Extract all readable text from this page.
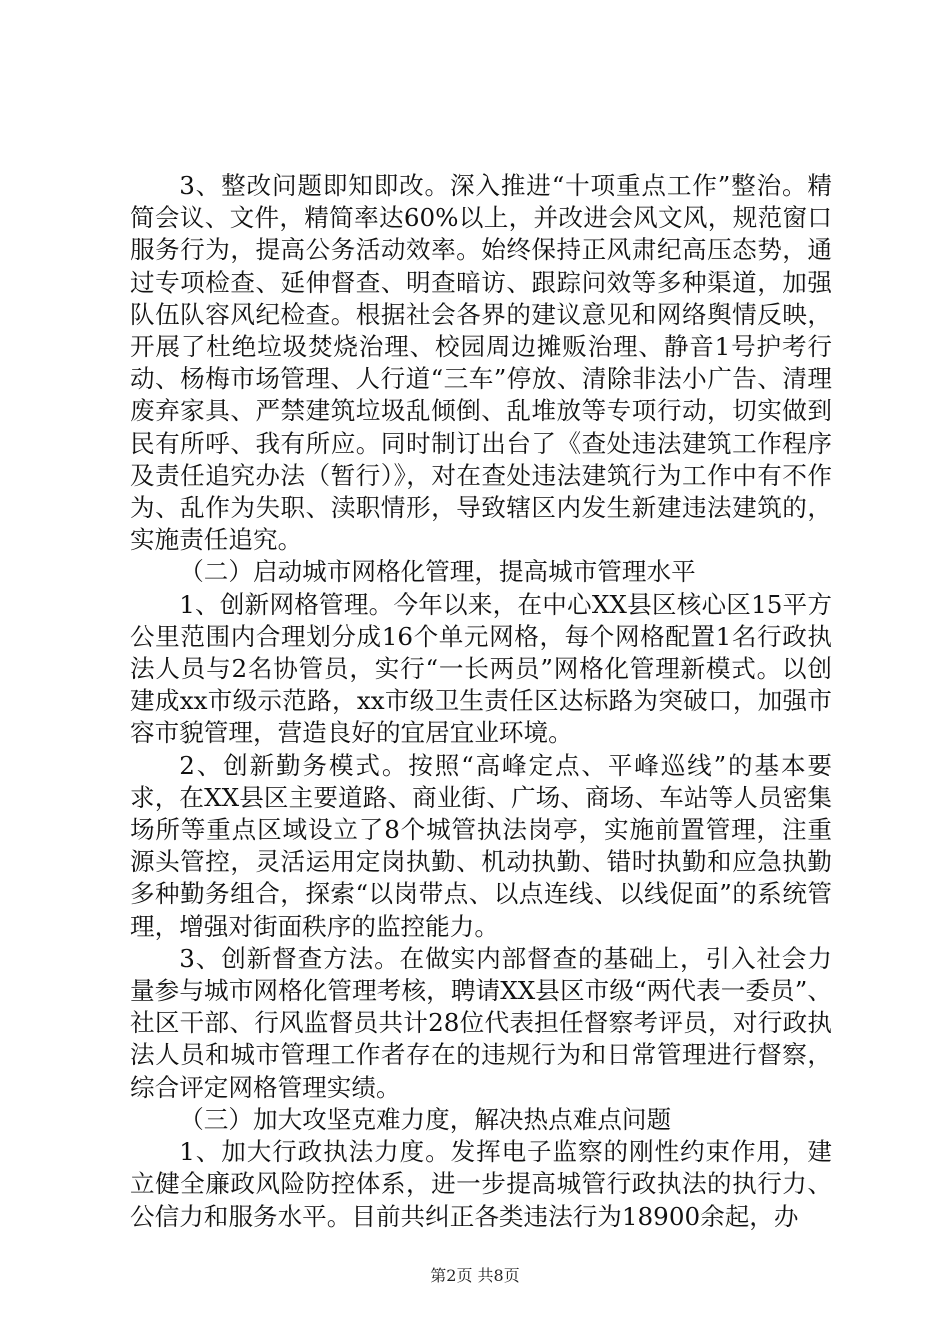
3、整改问题即知即改。深入推进“十项重点工作”整治。精简会议、文件，精简率达60%以上，并改进会风文风，规范窗口服务行为，提高公务活动效率。始终保持正风肃纪高压态势，通过专项检查、延伸督查、明查暗访、跟踪问效等多种渠道，加强队伍队容风纪检查。根据社会各界的建议意见和网络舆情反映，开展了杜绝垃圾焚烧治理、校园周边摊贩治理、静音1号护考行动、杨梅市场管理、人行道“三车”停放、清除非法小广告、清理废弃家具、严禁建筑垃圾乱倾倒、乱堆放等专项行动，切实做到民有所呼、我有所应。同时制订出台了《查处违法建筑工作程序及责任追究办法（暂行）》，对在查处违法建筑行为工作中有不作为、乱作为失职、渎职情形，导致辖区内发生新建违法建筑的，实施责任追究。

（二）启动城市网格化管理，提高城市管理水平

1、创新网格管理。今年以来，在中心XX县区核心区15平方公里范围内合理划分成16个单元网格，每个网格配置1名行政执法人员与2名协管员，实行“一长两员”网格化管理新模式。以创建成xx市级示范路，xx市级卫生责任区达标路为突破口，加强市容市貌管理，营造良好的宜居宜业环境。

2、创新勤务模式。按照“高峰定点、平峰巡线”的基本要求，在XX县区主要道路、商业街、广场、商场、车站等人员密集场所等重点区域设立了8个城管执法岗亭，实施前置管理，注重源头管控，灵活运用定岗执勤、机动执勤、错时执勤和应急执勤多种勤务组合，探索“以岗带点、以点连线、以线促面”的系统管理，增强对街面秩序的监控能力。

3、创新督查方法。在做实内部督查的基础上，引入社会力量参与城市网格化管理考核，聘请XX县区市级“两代表一委员”、社区干部、行风监督员共计28位代表担任督察考评员，对行政执法人员和城市管理工作者存在的违规行为和日常管理进行督察，综合评定网格管理实绩。

（三）加大攻坚克难力度，解决热点难点问题

1、加大行政执法力度。发挥电子监察的刚性约束作用，建立健全廉政风险防控体系，进一步提高城管行政执法的执行力、公信力和服务水平。目前共纠正各类违法行为18900余起，办

第2页 共8页
